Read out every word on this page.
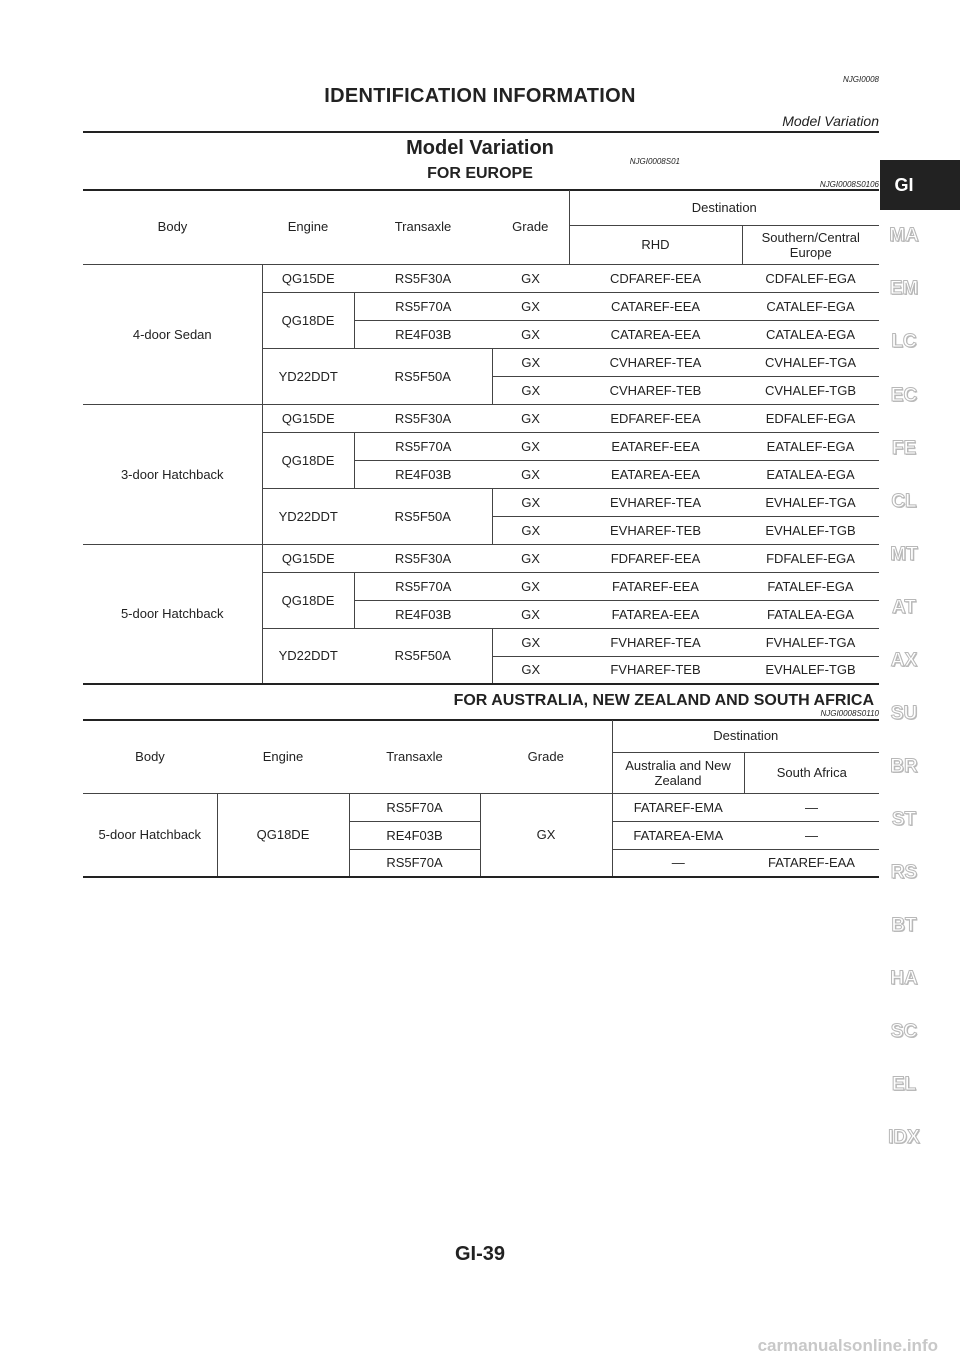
NJGI0008
IDENTIFICATION INFORMATION
Model Variation
Model Variation
NJGI0008S01
FOR EUROPE
NJGI0008S0106
Body	Engine	Transaxle	Grade	Destination	
				RHD	Southern/Central Europe
4-door Sedan	QG15DE	RS5F30A	GX	CDFAREF-EEA	CDFALEF-EGA
	QG18DE	RS5F70A	GX	CATAREF-EEA	CATALEF-EGA
		RE4F03B	GX	CATAREA-EEA	CATALEA-EGA
	YD22DDT	RS5F50A	GX	CVHAREF-TEA	CVHALEF-TGA
			GX	CVHAREF-TEB	CVHALEF-TGB
3-door Hatchback	QG15DE	RS5F30A	GX	EDFAREF-EEA	EDFALEF-EGA
	QG18DE	RS5F70A	GX	EATAREF-EEA	EATALEF-EGA
		RE4F03B	GX	EATAREA-EEA	EATALEA-EGA
	YD22DDT	RS5F50A	GX	EVHAREF-TEA	EVHALEF-TGA
			GX	EVHAREF-TEB	EVHALEF-TGB
5-door Hatchback	QG15DE	RS5F30A	GX	FDFAREF-EEA	FDFALEF-EGA
	QG18DE	RS5F70A	GX	FATAREF-EEA	FATALEF-EGA
		RE4F03B	GX	FATAREA-EEA	FATALEA-EGA
	YD22DDT	RS5F50A	GX	FVHAREF-TEA	FVHALEF-TGA
			GX	FVHAREF-TEB	EVHALEF-TGB
FOR AUSTRALIA, NEW ZEALAND AND SOUTH AFRICA
NJGI0008S0110
Body	Engine	Transaxle	Grade	Destination	
				Australia and New Zealand	South Africa
5-door Hatchback	QG18DE	RS5F70A	GX	FATAREF-EMA	—
		RE4F03B		FATAREA-EMA	—
		RS5F70A		—	FATAREF-EAA
GI
MA
EM
LC
EC
FE
CL
MT
AT
AX
SU
BR
ST
RS
BT
HA
SC
EL
IDX
GI-39
carmanualsonline.info
